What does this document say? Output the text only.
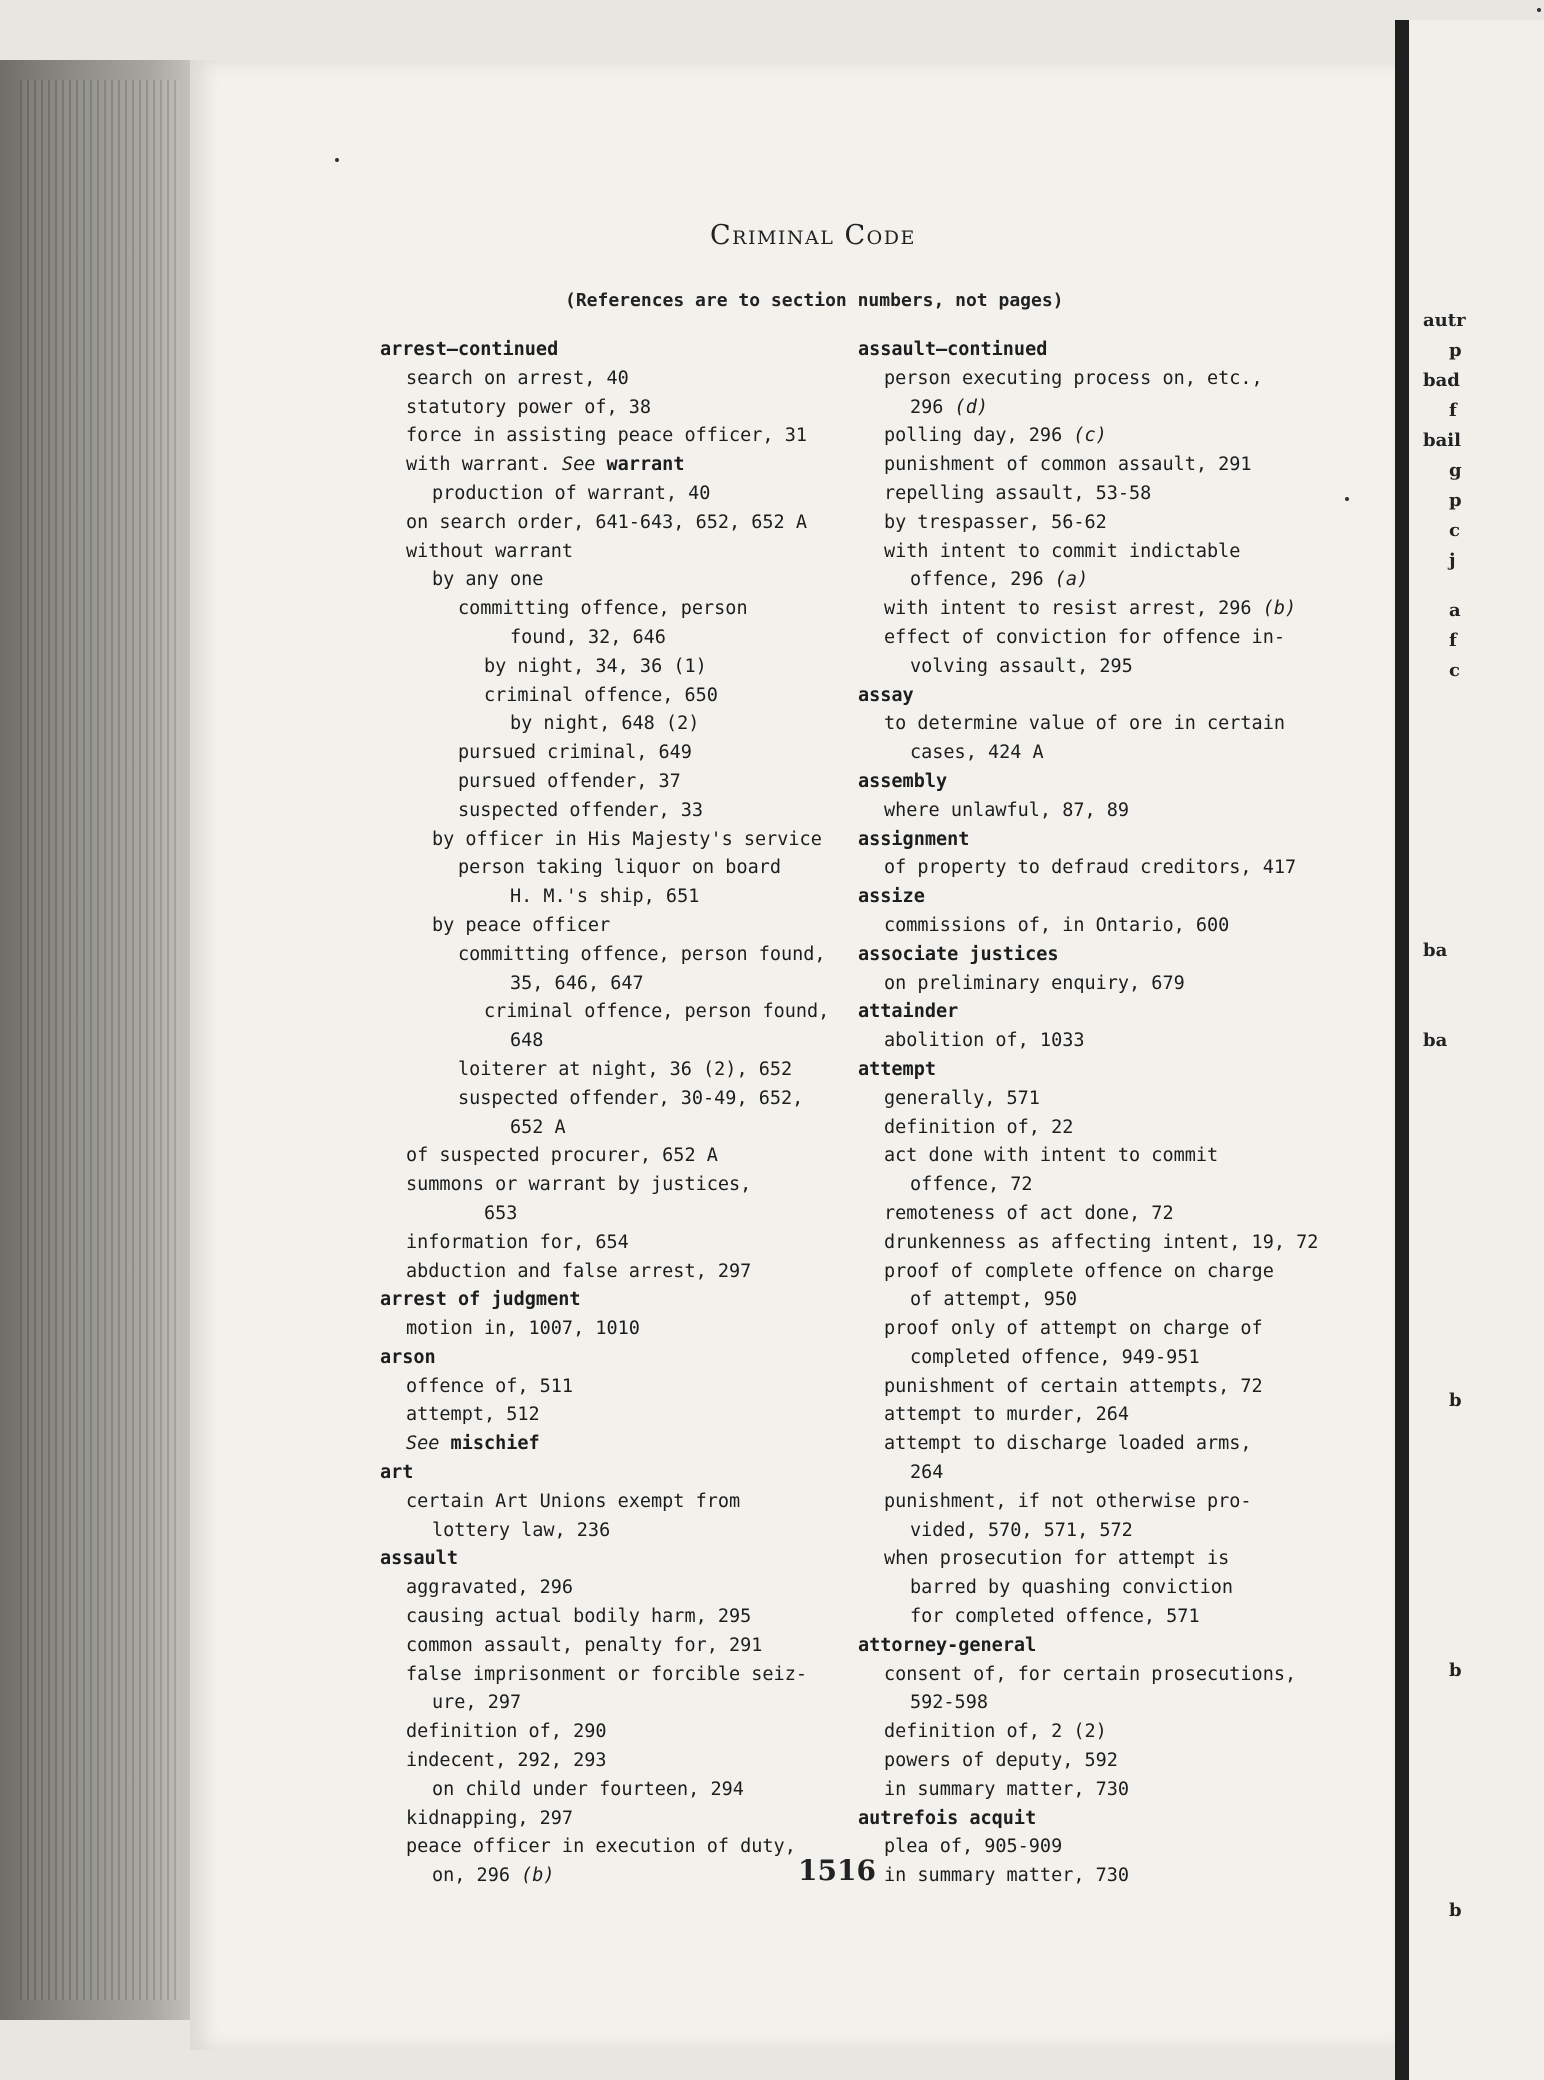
autr
p
bad
f
bail
g
p
c
j
a
f
c
ba
ba
b
b
b
Criminal Code
(References are to section numbers, not pages)
arrest—continued
search on arrest, 40
statutory power of, 38
force in assisting peace officer, 31
with warrant. See warrant
production of warrant, 40
on search order, 641-643, 652, 652 A
without warrant
by any one
committing offence, person
found, 32, 646
by night, 34, 36 (1)
criminal offence, 650
by night, 648 (2)
pursued criminal, 649
pursued offender, 37
suspected offender, 33
by officer in His Majesty's service
person taking liquor on board
H. M.'s ship, 651
by peace officer
committing offence, person found,
35, 646, 647
criminal offence, person found,
648
loiterer at night, 36 (2), 652
suspected offender, 30-49, 652,
652 A
of suspected procurer, 652 A
summons or warrant by justices,
653
information for, 654
abduction and false arrest, 297
arrest of judgment
motion in, 1007, 1010
arson
offence of, 511
attempt, 512
See mischief
art
certain Art Unions exempt from
lottery law, 236
assault
aggravated, 296
causing actual bodily harm, 295
common assault, penalty for, 291
false imprisonment or forcible seiz-
ure, 297
definition of, 290
indecent, 292, 293
on child under fourteen, 294
kidnapping, 297
peace officer in execution of duty,
on, 296 (b)
assault—continued
person executing process on, etc.,
296 (d)
polling day, 296 (c)
punishment of common assault, 291
repelling assault, 53-58
by trespasser, 56-62
with intent to commit indictable
offence, 296 (a)
with intent to resist arrest, 296 (b)
effect of conviction for offence in-
volving assault, 295
assay
to determine value of ore in certain
cases, 424 A
assembly
where unlawful, 87, 89
assignment
of property to defraud creditors, 417
assize
commissions of, in Ontario, 600
associate justices
on preliminary enquiry, 679
attainder
abolition of, 1033
attempt
generally, 571
definition of, 22
act done with intent to commit
offence, 72
remoteness of act done, 72
drunkenness as affecting intent, 19, 72
proof of complete offence on charge
of attempt, 950
proof only of attempt on charge of
completed offence, 949-951
punishment of certain attempts, 72
attempt to murder, 264
attempt to discharge loaded arms,
264
punishment, if not otherwise pro-
vided, 570, 571, 572
when prosecution for attempt is
barred by quashing conviction
for completed offence, 571
attorney-general
consent of, for certain prosecutions,
592-598
definition of, 2 (2)
powers of deputy, 592
in summary matter, 730
autrefois acquit
plea of, 905-909
in summary matter, 730
1516
